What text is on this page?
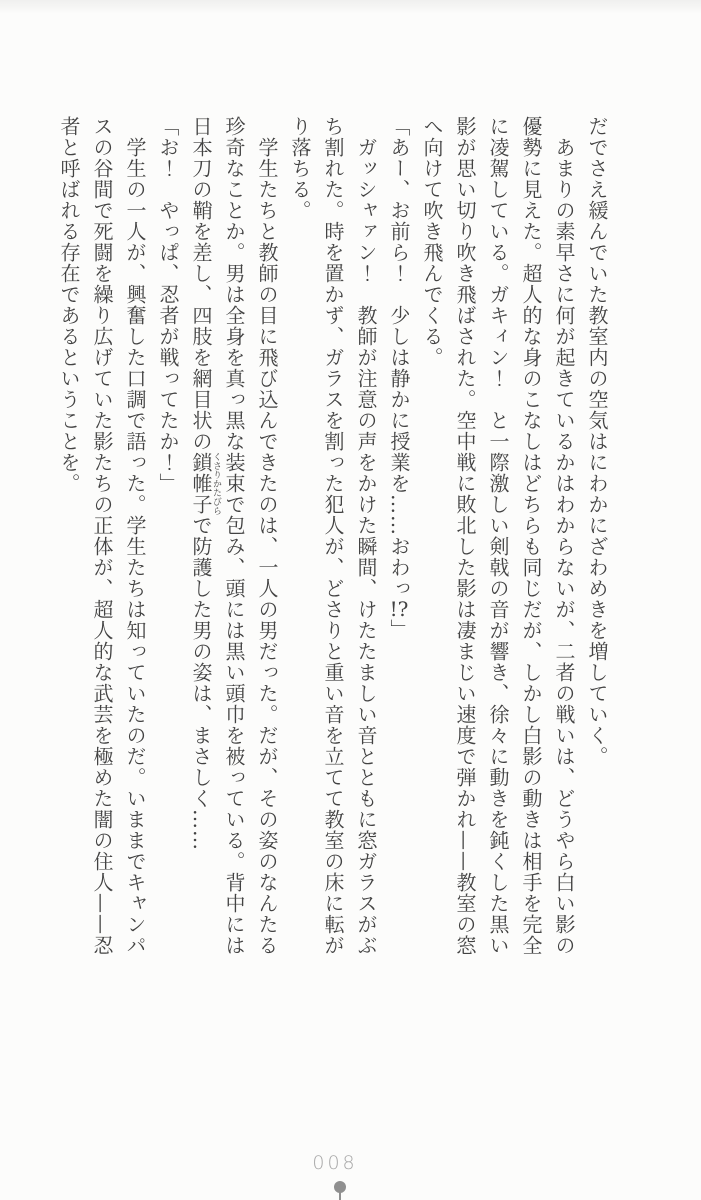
だでさえ緩んでいた教室内の空気はにわかにざわめきを増していく。

　あまりの素早さに何が起きているかはわからないが、二者の戦いは、どうやら白い影の優勢に見えた。超人的な身のこなしはどちらも同じだが、しかし白影の動きは相手を完全に凌駕している。ガキィン！　と一際激しい剣戟の音が響き、徐々に動きを鈍くした黒い影が思い切り吹き飛ばされた。空中戦に敗北した影は凄まじい速度で弾かれ——教室の窓へ向けて吹き飛んでくる。

「あー、お前ら！　少しは静かに授業を……おわっ!?」

　ガッシャァン！　教師が注意の声をかけた瞬間、けたたましい音とともに窓ガラスがぶち割れた。時を置かず、ガラスを割った犯人が、どさりと重い音を立てて教室の床に転がり落ちる。

　学生たちと教師の目に飛び込んできたのは、一人の男だった。だが、その姿のなんたる珍奇なことか。男は全身を真っ黒な装束で包み、頭には黒い頭巾を被っている。背中には日本刀の鞘を差し、四肢を網目状の鎖帷子くさりかたびらで防護した男の姿は、まさしく……

「お！　やっぱ、忍者が戦ってたか！」

　学生の一人が、興奮した口調で語った。学生たちは知っていたのだ。いままでキャンパスの谷間で死闘を繰り広げていた影たちの正体が、超人的な武芸を極めた闇の住人——忍者と呼ばれる存在であるということを。

008
